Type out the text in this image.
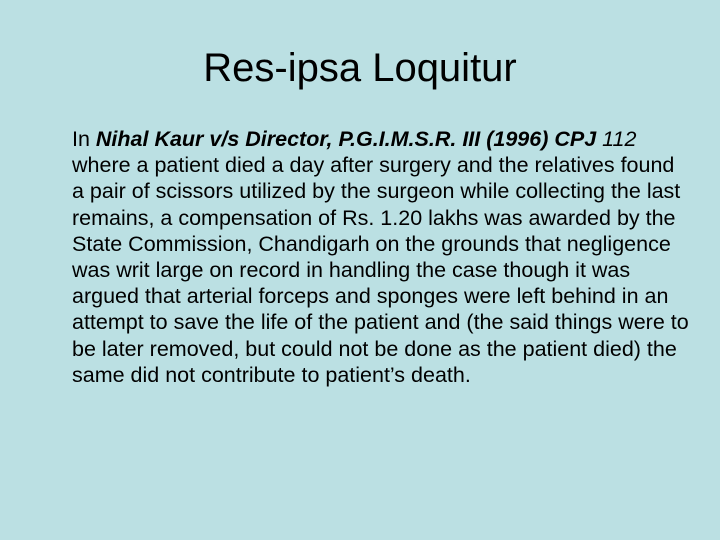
Res-ipsa Loquitur

In Nihal Kaur v/s Director, P.G.I.M.S.R. III (1996) CPJ 112 where a patient died a day after surgery and the relatives found a pair of scissors utilized by the surgeon while collecting the last remains, a compensation of Rs. 1.20 lakhs was awarded by the State Commission, Chandigarh on the grounds that negligence was writ large on record in handling the case though it was argued that arterial forceps and sponges were left behind in an attempt to save the life of the patient and (the said things were to be later removed, but could not be done as the patient died) the same did not contribute to patient’s death.
